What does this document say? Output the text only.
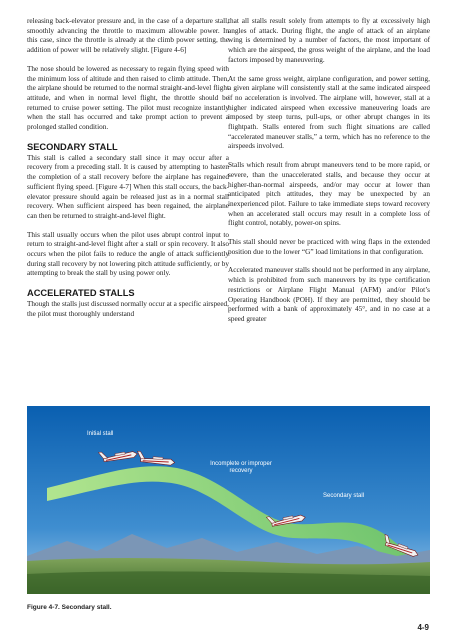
releasing back-elevator pressure and, in the case of a departure stall, smoothly advancing the throttle to maximum allowable power. In this case, since the throttle is already at the climb power setting, the addition of power will be relatively slight. [Figure 4-6]

The nose should be lowered as necessary to regain flying speed with the minimum loss of altitude and then raised to climb attitude. Then, the airplane should be returned to the normal straight-and-level flight attitude, and when in normal level flight, the throttle should be returned to cruise power setting. The pilot must recognize instantly when the stall has occurred and take prompt action to prevent a prolonged stalled condition.

SECONDARY STALL

This stall is called a secondary stall since it may occur after a recovery from a preceding stall. It is caused by attempting to hasten the completion of a stall recovery before the airplane has regained sufficient flying speed. [Figure 4-7] When this stall occurs, the back-elevator pressure should again be released just as in a normal stall recovery. When sufficient airspeed has been regained, the airplane can then be returned to straight-and-level flight.

This stall usually occurs when the pilot uses abrupt control input to return to straight-and-level flight after a stall or spin recovery. It also occurs when the pilot fails to reduce the angle of attack sufficiently during stall recovery by not lowering pitch attitude sufficiently, or by attempting to break the stall by using power only.

ACCELERATED STALLS

Though the stalls just discussed normally occur at a specific airspeed, the pilot must thoroughly understand

that all stalls result solely from attempts to fly at excessively high angles of attack. During flight, the angle of attack of an airplane wing is determined by a number of factors, the most important of which are the airspeed, the gross weight of the airplane, and the load factors imposed by maneuvering.

At the same gross weight, airplane configuration, and power setting, a given airplane will consistently stall at the same indicated airspeed if no acceleration is involved. The airplane will, however, stall at a higher indicated airspeed when excessive maneuvering loads are imposed by steep turns, pull-ups, or other abrupt changes in its flightpath. Stalls entered from such flight situations are called “accelerated maneuver stalls,” a term, which has no reference to the airspeeds involved.

Stalls which result from abrupt maneuvers tend to be more rapid, or severe, than the unaccelerated stalls, and because they occur at higher-than-normal airspeeds, and/or may occur at lower than anticipated pitch attitudes, they may be unexpected by an inexperienced pilot. Failure to take immediate steps toward recovery when an accelerated stall occurs may result in a complete loss of flight control, notably, power-on spins.

This stall should never be practiced with wing flaps in the extended position due to the lower “G” load limitations in that configuration.

Accelerated maneuver stalls should not be performed in any airplane, which is prohibited from such maneuvers by its type certification restrictions or Airplane Flight Manual (AFM) and/or Pilot’s Operating Handbook (POH). If they are permitted, they should be performed with a bank of approximately 45°, and in no case at a speed greater

Initial stall
Incomplete or improper recovery
Secondary stall
Figure 4-7. Secondary stall.
4-9
